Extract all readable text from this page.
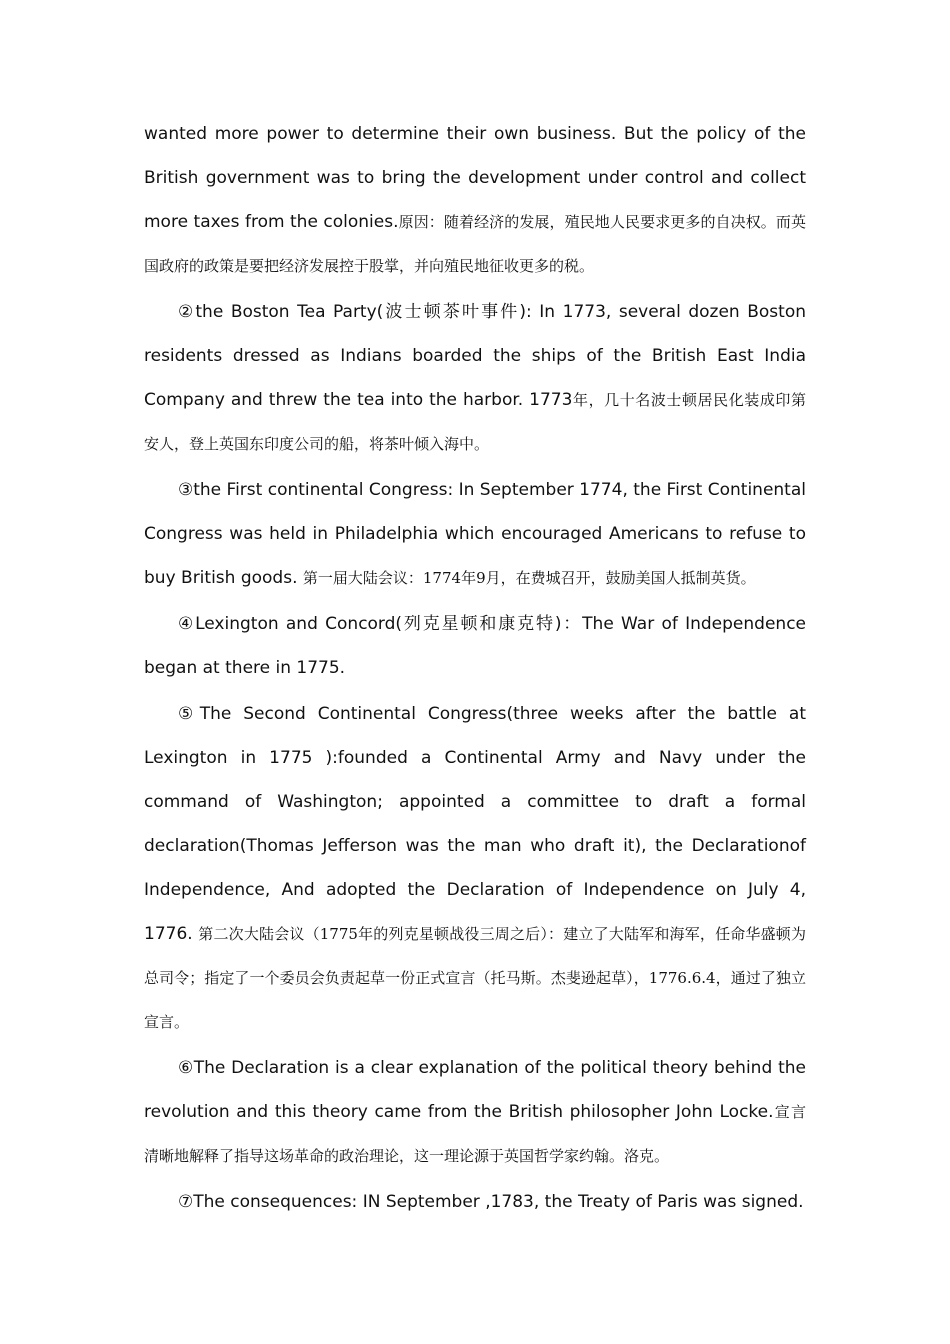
wanted more power to determine their own business. But the policy of the British government was to bring the development under control and collect more taxes from the colonies.原因：随着经济的发展，殖民地人民要求更多的自决权。而英国政府的政策是要把经济发展控于股掌，并向殖民地征收更多的税。

②the Boston Tea Party(波士顿茶叶事件): In 1773, several dozen Boston residents dressed as Indians boarded the ships of the British East India Company and threw the tea into the harbor. 1773年，几十名波士顿居民化装成印第安人，登上英国东印度公司的船，将茶叶倾入海中。

③the First continental Congress: In September 1774, the First Continental Congress was held in Philadelphia which encouraged Americans to refuse to buy British goods. 第一届大陆会议：1774年9月，在费城召开，鼓励美国人抵制英货。

④Lexington and Concord(列克星顿和康克特)：The War of Independence began at there in 1775.

⑤The Second Continental Congress(three weeks after the battle at Lexington in 1775 ):founded a Continental Army and Navy under the command of Washington; appointed a committee to draft a formal declaration(Thomas Jefferson was the man who draft it), the Declarationof Independence, And adopted the Declaration of Independence on July 4, 1776. 第二次大陆会议（1775年的列克星顿战役三周之后）：建立了大陆军和海军，任命华盛顿为总司令；指定了一个委员会负责起草一份正式宣言（托马斯。杰斐逊起草），1776.6.4，通过了独立宣言。

⑥The Declaration is a clear explanation of the political theory behind the revolution and this theory came from the British philosopher John Locke.宣言清晰地解释了指导这场革命的政治理论，这一理论源于英国哲学家约翰。洛克。

⑦The consequences: IN September ,1783, the Treaty of Paris was signed.
